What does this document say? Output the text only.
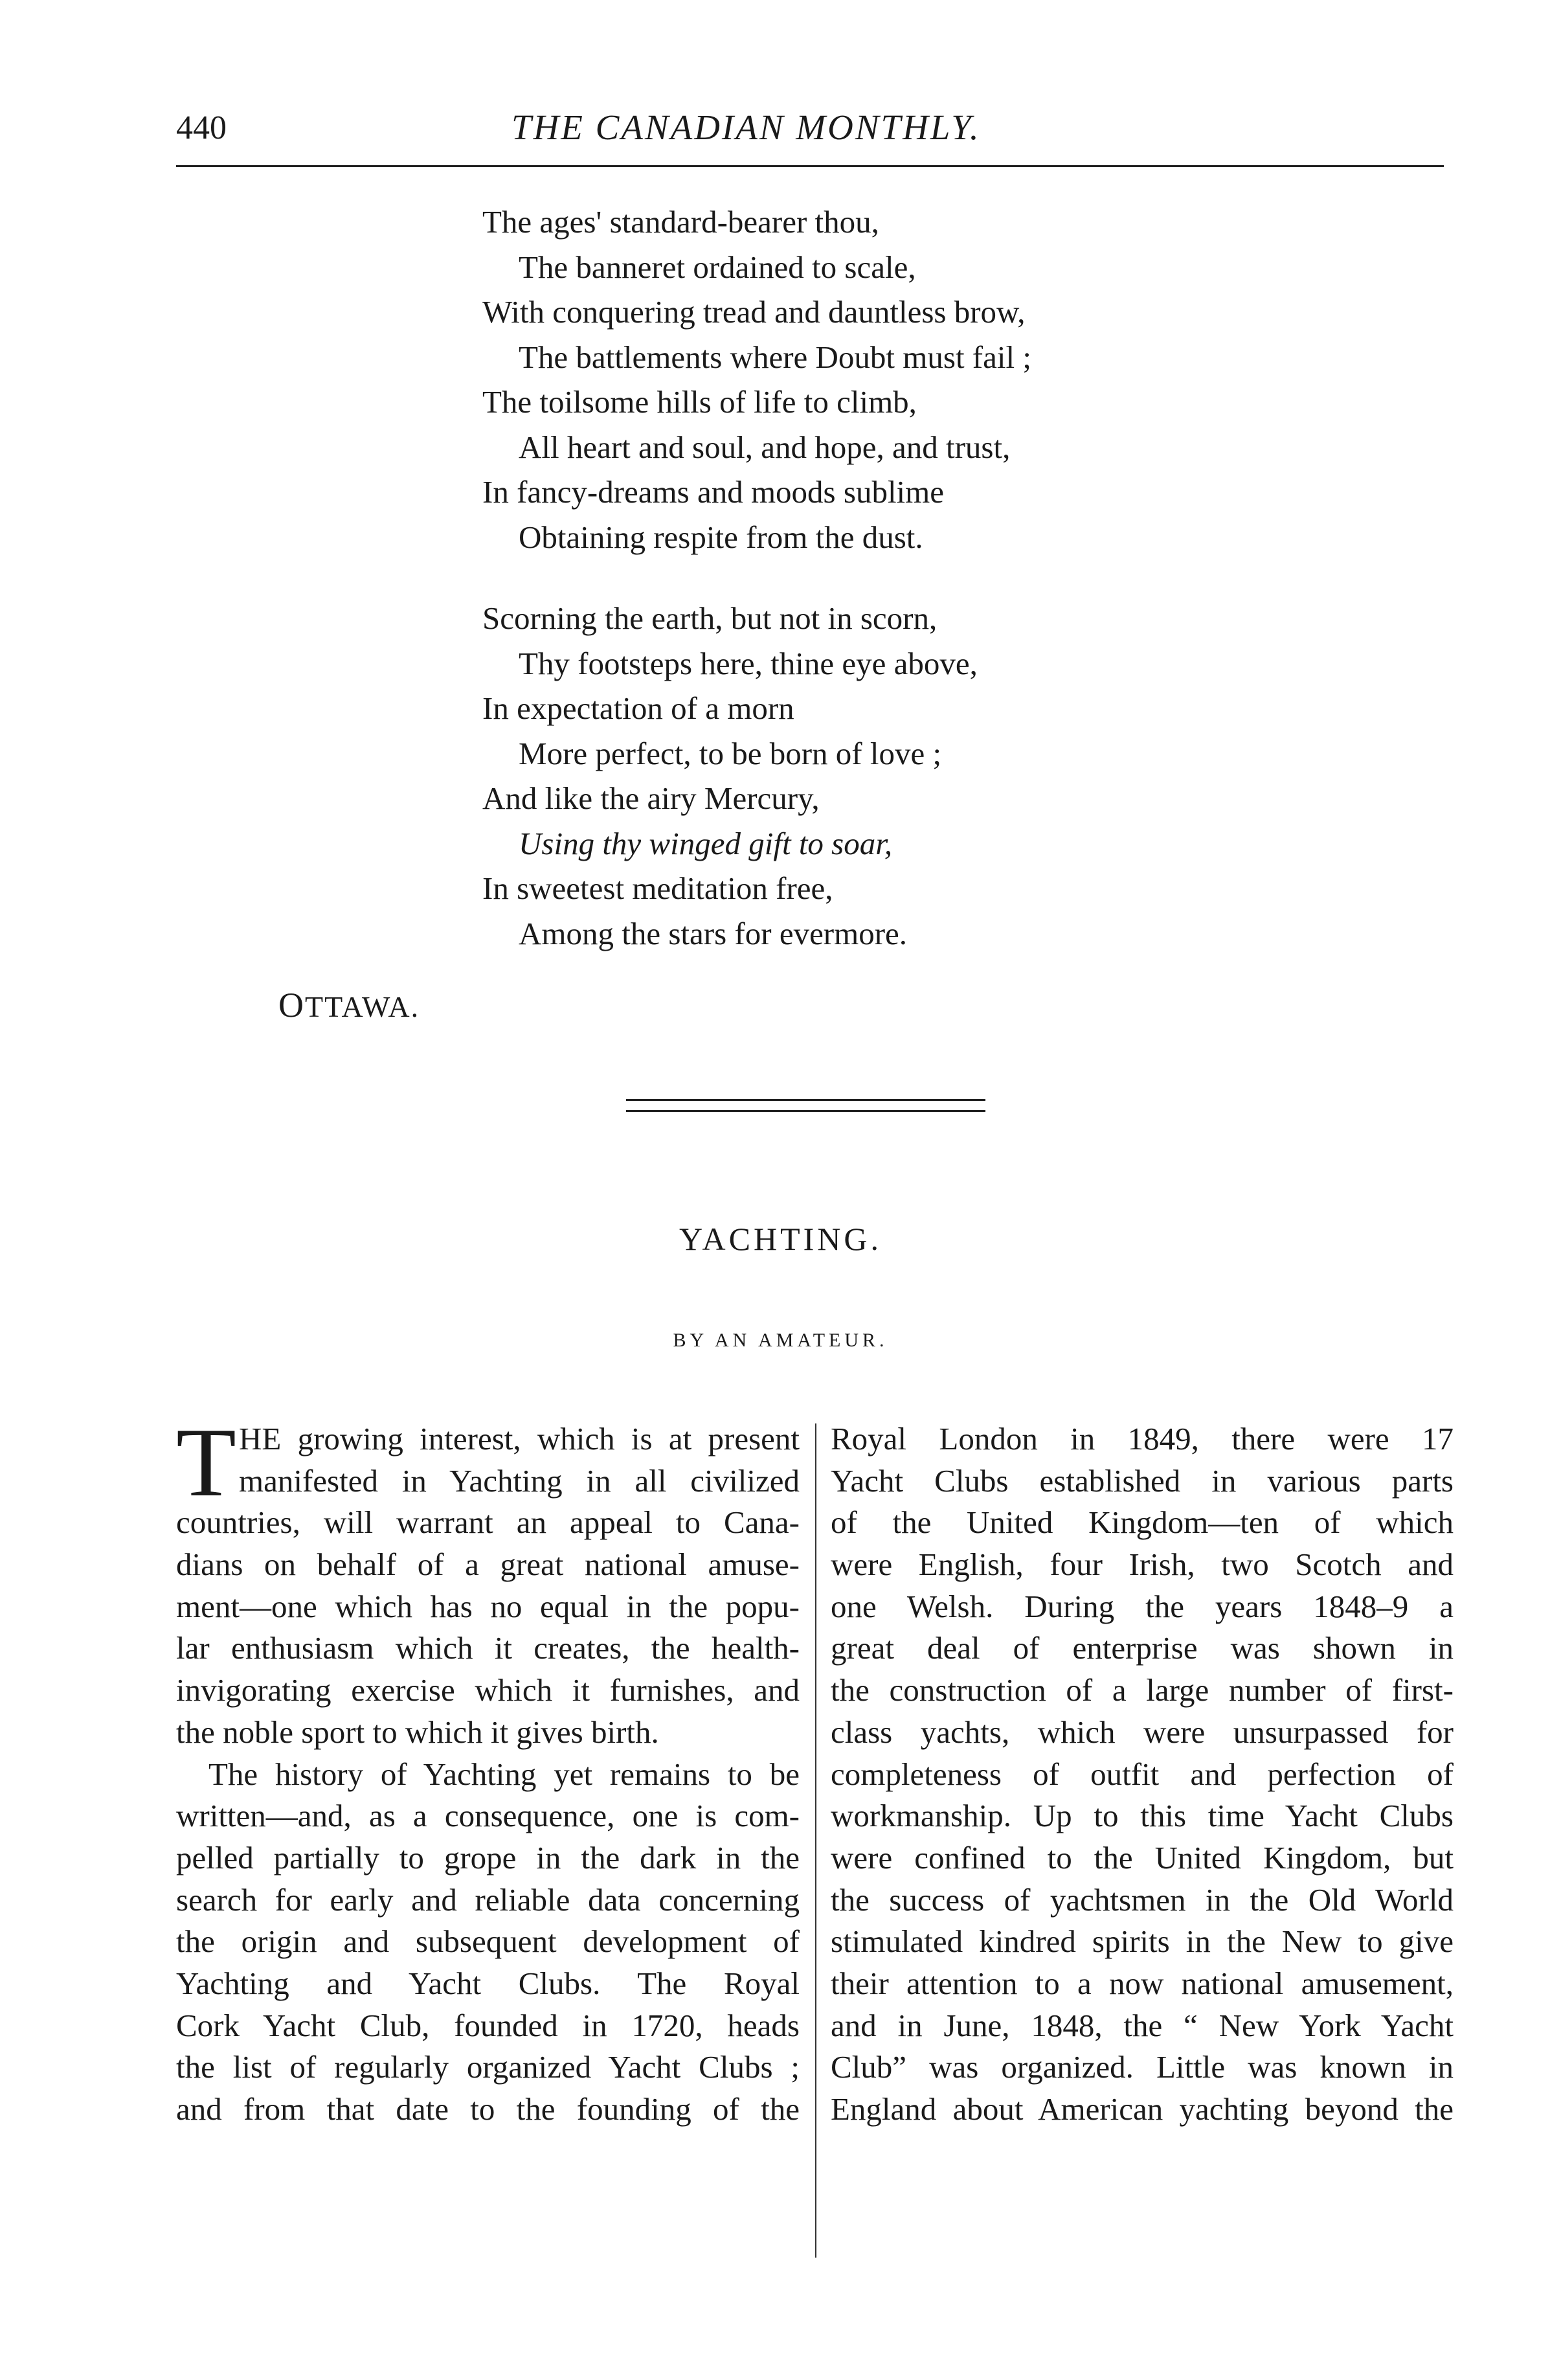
440	THE CANADIAN MONTHLY.
The ages' standard-bearer thou,
The banneret ordained to scale,
With conquering tread and dauntless brow,
The battlements where Doubt must fail ;
The toilsome hills of life to climb,
All heart and soul, and hope, and trust,
In fancy-dreams and moods sublime
Obtaining respite from the dust.
Scorning the earth, but not in scorn,
Thy footsteps here, thine eye above,
In expectation of a morn
More perfect, to be born of love ;
And like the airy Mercury,
Using thy winged gift to soar,
In sweetest meditation free,
Among the stars for evermore.
OTTAWA.
YACHTING.
BY AN AMATEUR.
T HE growing interest, which is at present
manifested in Yachting in all civilized
countries, will warrant an appeal to Cana-
dians on behalf of a great national amuse-
ment—one which has no equal in the popu-
lar enthusiasm which it creates, the health-
invigorating exercise which it furnishes, and
the noble sport to which it gives birth.
The history of Yachting yet remains to be
written—and, as a consequence, one is com-
pelled partially to grope in the dark in the
search for early and reliable data concerning
the origin and subsequent development of
Yachting and Yacht Clubs. The Royal
Cork Yacht Club, founded in 1720, heads
the list of regularly organized Yacht Clubs ;
and from that date to the founding of the
Royal London in 1849, there were 17
Yacht Clubs established in various parts
of the United Kingdom—ten of which
were English, four Irish, two Scotch and
one Welsh. During the years 1848–9 a
great deal of enterprise was shown in
the construction of a large number of first-
class yachts, which were unsurpassed for
completeness of outfit and perfection of
workmanship. Up to this time Yacht Clubs
were confined to the United Kingdom, but
the success of yachtsmen in the Old World
stimulated kindred spirits in the New to give
their attention to a now national amusement,
and in June, 1848, the “ New York Yacht
Club” was organized. Little was known in
England about American yachting beyond the
